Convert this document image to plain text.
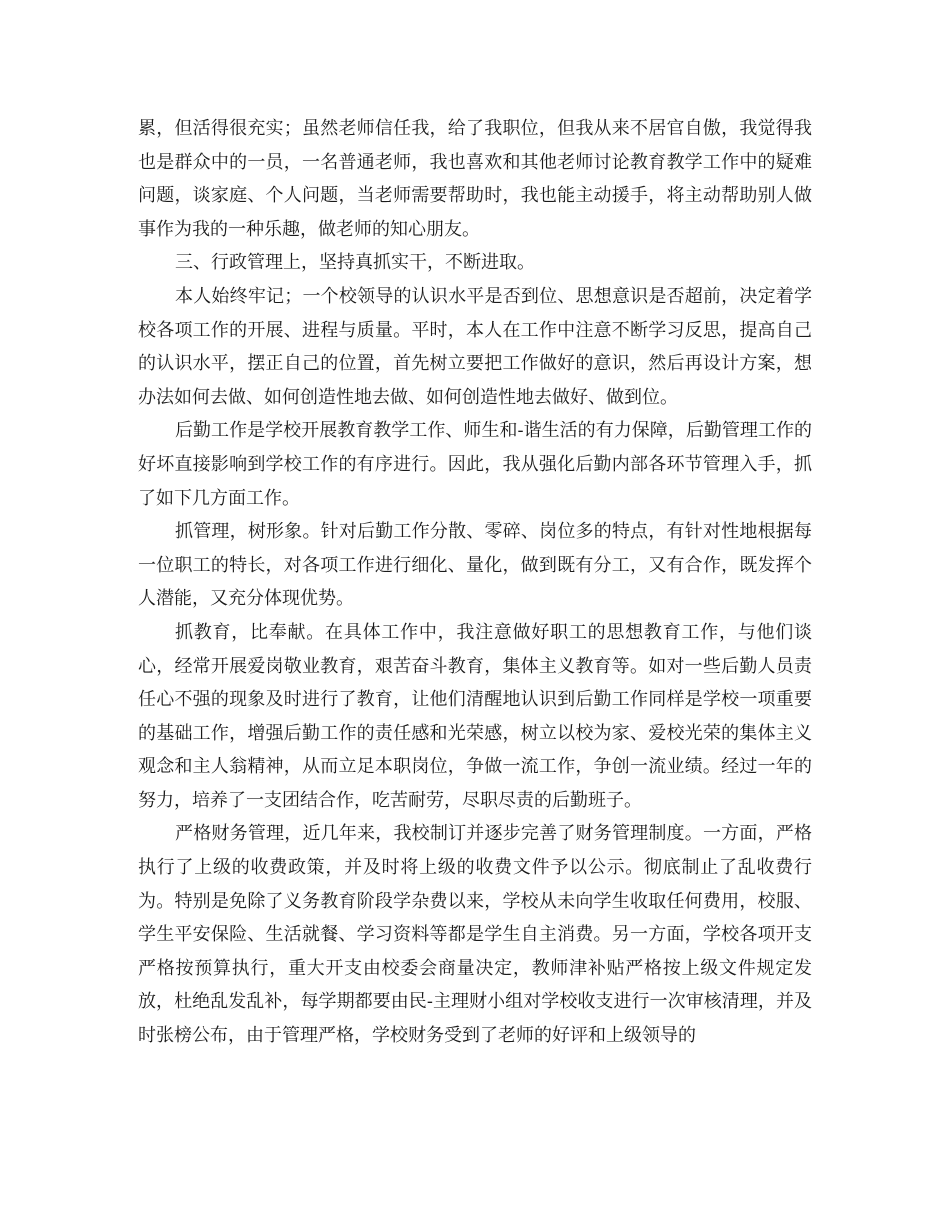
累，但活得很充实；虽然老师信任我，给了我职位，但我从来不居官自傲，我觉得我也是群众中的一员，一名普通老师，我也喜欢和其他老师讨论教育教学工作中的疑难问题，谈家庭、个人问题，当老师需要帮助时，我也能主动援手，将主动帮助别人做事作为我的一种乐趣，做老师的知心朋友。

三、行政管理上，坚持真抓实干，不断进取。

本人始终牢记；一个校领导的认识水平是否到位、思想意识是否超前，决定着学校各项工作的开展、进程与质量。平时，本人在工作中注意不断学习反思，提高自己的认识水平，摆正自己的位置，首先树立要把工作做好的意识，然后再设计方案，想办法如何去做、如何创造性地去做、如何创造性地去做好、做到位。

后勤工作是学校开展教育教学工作、师生和-谐生活的有力保障，后勤管理工作的好坏直接影响到学校工作的有序进行。因此，我从强化后勤内部各环节管理入手，抓了如下几方面工作。

抓管理，树形象。针对后勤工作分散、零碎、岗位多的特点，有针对性地根据每一位职工的特长，对各项工作进行细化、量化，做到既有分工，又有合作，既发挥个人潜能，又充分体现优势。

抓教育，比奉献。在具体工作中，我注意做好职工的思想教育工作，与他们谈心，经常开展爱岗敬业教育，艰苦奋斗教育，集体主义教育等。如对一些后勤人员责任心不强的现象及时进行了教育，让他们清醒地认识到后勤工作同样是学校一项重要的基础工作，增强后勤工作的责任感和光荣感，树立以校为家、爱校光荣的集体主义观念和主人翁精神，从而立足本职岗位，争做一流工作，争创一流业绩。经过一年的努力，培养了一支团结合作，吃苦耐劳，尽职尽责的后勤班子。

严格财务管理，近几年来，我校制订并逐步完善了财务管理制度。一方面，严格执行了上级的收费政策，并及时将上级的收费文件予以公示。彻底制止了乱收费行为。特别是免除了义务教育阶段学杂费以来，学校从未向学生收取任何费用，校服、学生平安保险、生活就餐、学习资料等都是学生自主消费。另一方面，学校各项开支严格按预算执行，重大开支由校委会商量决定，教师津补贴严格按上级文件规定发放，杜绝乱发乱补，每学期都要由民-主理财小组对学校收支进行一次审核清理，并及时张榜公布，由于管理严格，学校财务受到了老师的好评和上级领导的
